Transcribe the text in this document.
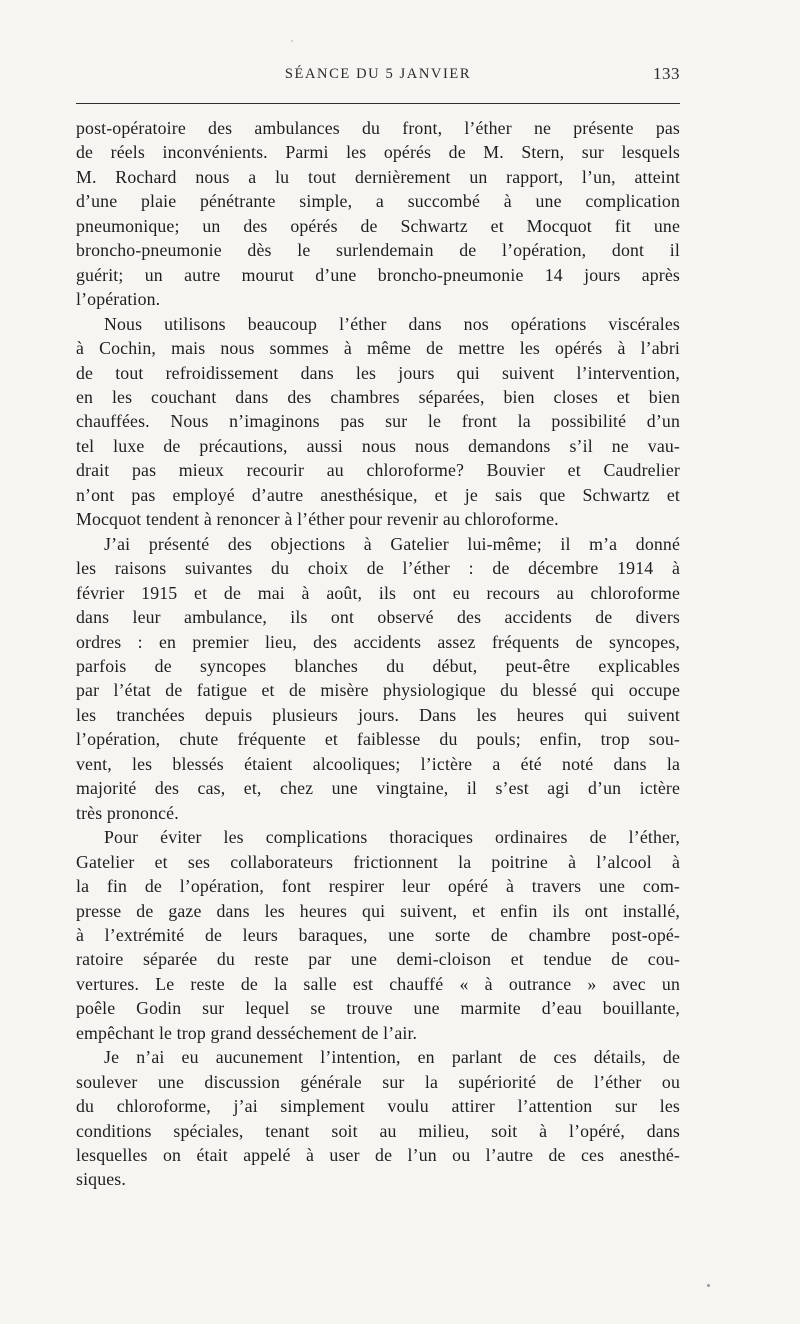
SÉANCE DU 5 JANVIER	133
post-opératoire des ambulances du front, l’éther ne présente pas
de réels inconvénients. Parmi les opérés de M. Stern, sur lesquels
M. Rochard nous a lu tout dernièrement un rapport, l’un, atteint
d’une plaie pénétrante simple, a succombé à une complication
pneumonique; un des opérés de Schwartz et Mocquot fit une
broncho-pneumonie dès le surlendemain de l’opération, dont il
guérit; un autre mourut d’une broncho-pneumonie 14 jours après
l’opération.
Nous utilisons beaucoup l’éther dans nos opérations viscérales
à Cochin, mais nous sommes à même de mettre les opérés à l’abri
de tout refroidissement dans les jours qui suivent l’intervention,
en les couchant dans des chambres séparées, bien closes et bien
chauffées. Nous n’imaginons pas sur le front la possibilité d’un
tel luxe de précautions, aussi nous nous demandons s’il ne vau-
drait pas mieux recourir au chloroforme? Bouvier et Caudrelier
n’ont pas employé d’autre anesthésique, et je sais que Schwartz et
Mocquot tendent à renoncer à l’éther pour revenir au chloroforme.
J’ai présenté des objections à Gatelier lui-même; il m’a donné
les raisons suivantes du choix de l’éther : de décembre 1914 à
février 1915 et de mai à août, ils ont eu recours au chloroforme
dans leur ambulance, ils ont observé des accidents de divers
ordres : en premier lieu, des accidents assez fréquents de syncopes,
parfois de syncopes blanches du début, peut-être explicables
par l’état de fatigue et de misère physiologique du blessé qui occupe
les tranchées depuis plusieurs jours. Dans les heures qui suivent
l’opération, chute fréquente et faiblesse du pouls; enfin, trop sou-
vent, les blessés étaient alcooliques; l’ictère a été noté dans la
majorité des cas, et, chez une vingtaine, il s’est agi d’un ictère
très prononcé.
Pour éviter les complications thoraciques ordinaires de l’éther,
Gatelier et ses collaborateurs frictionnent la poitrine à l’alcool à
la fin de l’opération, font respirer leur opéré à travers une com-
presse de gaze dans les heures qui suivent, et enfin ils ont installé,
à l’extrémité de leurs baraques, une sorte de chambre post-opé-
ratoire séparée du reste par une demi-cloison et tendue de cou-
vertures. Le reste de la salle est chauffé « à outrance » avec un
poêle Godin sur lequel se trouve une marmite d’eau bouillante,
empêchant le trop grand desséchement de l’air.
Je n’ai eu aucunement l’intention, en parlant de ces détails, de
soulever une discussion générale sur la supériorité de l’éther ou
du chloroforme, j’ai simplement voulu attirer l’attention sur les
conditions spéciales, tenant soit au milieu, soit à l’opéré, dans
lesquelles on était appelé à user de l’un ou l’autre de ces anesthé-
siques.
